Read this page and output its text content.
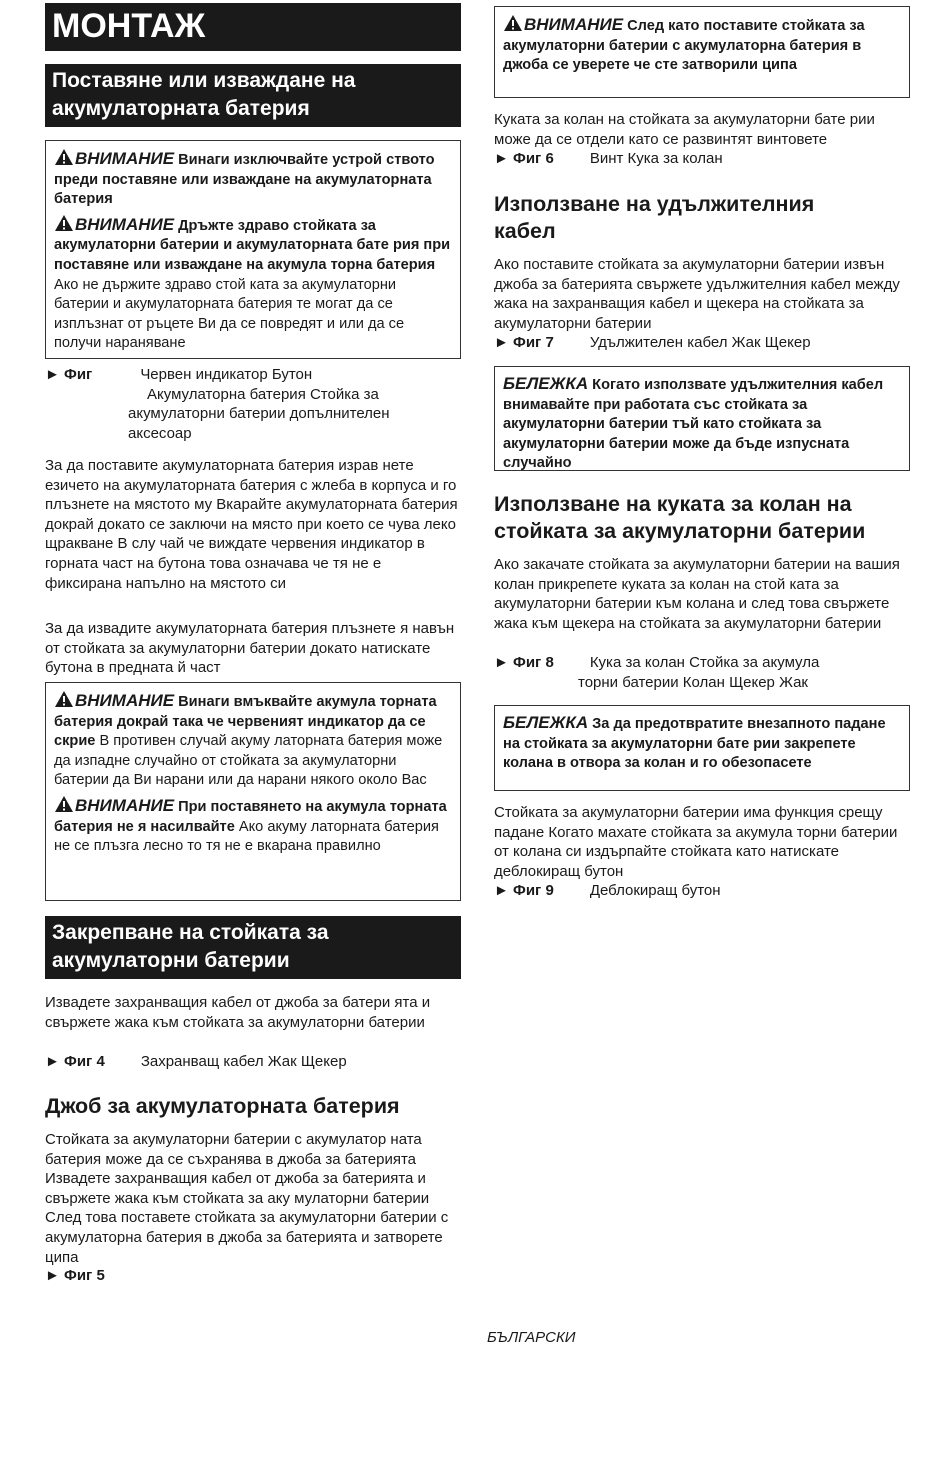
МОНТАЖ
Поставяне или изваждане на
акумулаторната батерия

ВНИМАНИЕ Винаги изключвайте устрой ството преди поставяне или изваждане на акумулаторната батерия

ВНИМАНИЕ Дръжте здраво стойката за акумулаторни батерии и акумулаторната бате рия при поставяне или изваждане на акумула торна батерия Ако не държите здраво стой ката за акумулаторни батерии и акумулаторната батерия те могат да се изплъзнат от ръцете Ви да се повредят и или да се получи нараняване

► Фиг	Червен индикатор Бутон
Акумулаторна батерия Стойка за
акумулаторни батерии допълнителен
аксесоар

За да поставите акумулаторната батерия израв нете езичето на акумулаторната батерия с жлеба в корпуса и го плъзнете на мястото му Вкарайте акумулаторната батерия докрай докато се заключи на място при което се чува леко щракване В слу чай че виждате червения индикатор в горната част на бутона това означава че тя не е фиксирана напълно на мястото си

За да извадите акумулаторната батерия плъзнете я навън от стойката за акумулаторни батерии докато натискате бутона в предната й част

ВНИМАНИЕ Винаги вмъквайте акумула торната батерия докрай така че червеният индикатор да се скрие В противен случай акуму латорната батерия може да изпадне случайно от стойката за акумулаторни батерии да Ви нарани или да нарани някого около Вас

ВНИМАНИЕ При поставянето на акумула торната батерия не я насилвайте Ако акуму латорната батерия не се плъзга лесно то тя не е вкарана правилно

Закрепване на стойката за
акумулаторни батерии

Извадете захранващия кабел от джоба за батери ята и свържете жака към стойката за акумулаторни батерии

► Фиг 4 Захранващ кабел Жак Щекер
Джоб за акумулаторната батерия

Стойката за акумулаторни батерии с акумулатор ната батерия може да се съхранява в джоба за батерията Извадете захранващия кабел от джоба за батерията и свържете жака към стойката за аку мулаторни батерии След това поставете стойката за акумулаторни батерии с акумулаторна батерия в джоба за батерията и затворете ципа

► Фиг 5

ВНИМАНИЕ След като поставите стойката за акумулаторни батерии с акумулаторна батерия в джоба се уверете че сте затворили ципа

Куката за колан на стойката за акумулаторни бате рии може да се отдели като се развинтят винтовете

► Фиг 6 Винт Кука за колан
Използване на удължителния
кабел

Ако поставите стойката за акумулаторни батерии извън джоба за батерията свържете удължителния кабел между жака на захранващия кабел и щекера на стойката за акумулаторни батерии

► Фиг 7 Удължителен кабел Жак Щекер

БЕЛЕЖКА Когато използвате удължителния кабел внимавайте при работата със стойката за акумулаторни батерии тъй като стойката за акумулаторни батерии може да бъде изпусната случайно

Използване на куката за колан на
стойката за акумулаторни батерии

Ако закачате стойката за акумулаторни батерии на вашия колан прикрепете куката за колан на стой ката за акумулаторни батерии към колана и след това свържете жака към щекера на стойката за акумулаторни батерии

► Фиг 8 Кука за колан Стойка за акумула
торни батерии Колан Щекер Жак

БЕЛЕЖКА За да предотвратите внезапното падане на стойката за акумулаторни бате рии закрепете колана в отвора за колан и го обезопасете

Стойката за акумулаторни батерии има функция срещу падане Когато махате стойката за акумула торни батерии от колана си издърпайте стойката като натискате деблокиращ бутон

► Фиг 9 Деблокиращ бутон
БЪЛГАРСКИ
